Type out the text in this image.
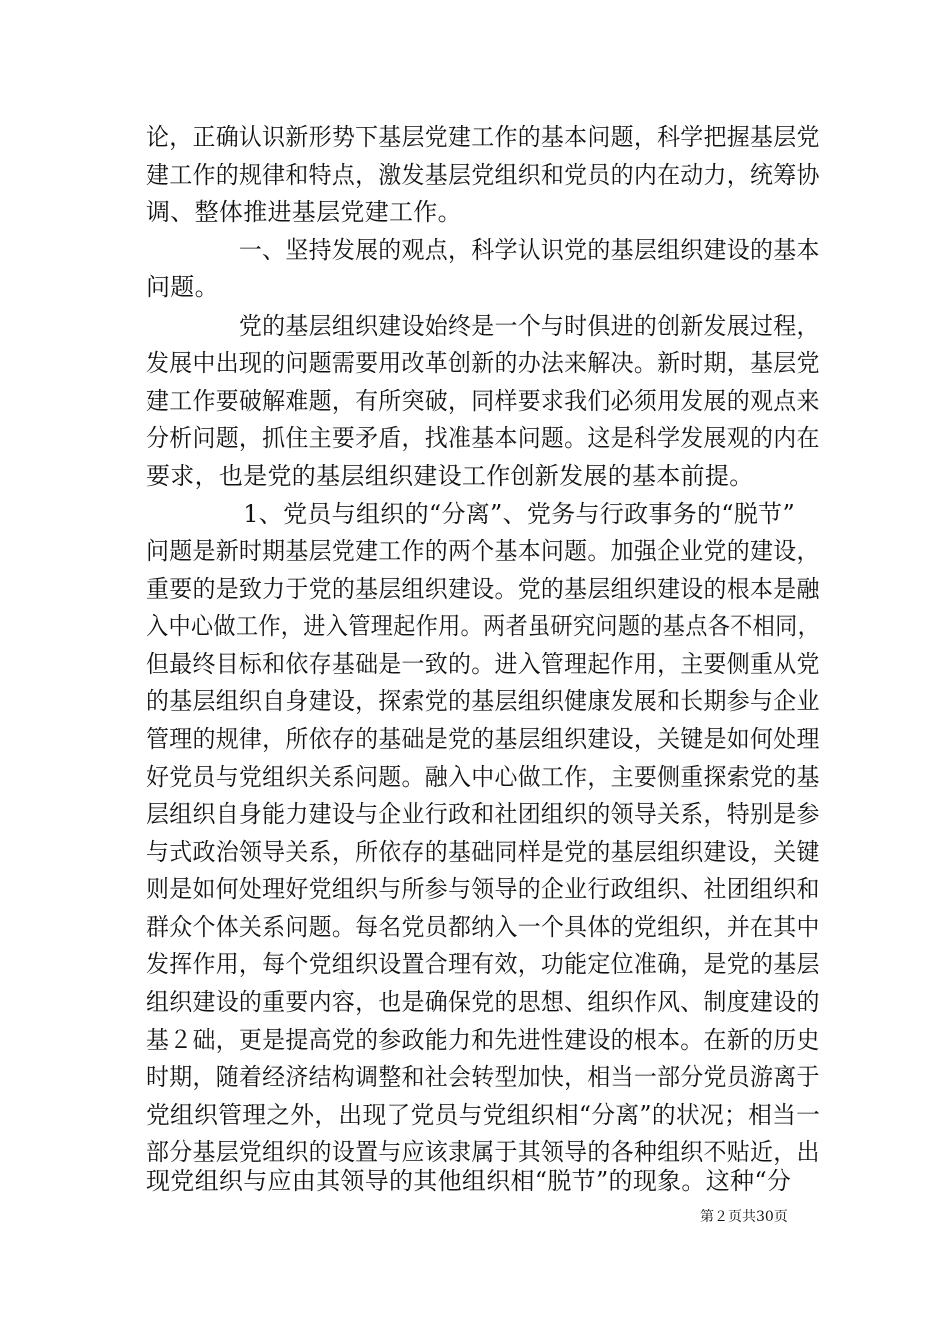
论，正确认识新形势下基层党建工作的基本问题，科学把握基层党
建工作的规律和特点，激发基层党组织和党员的内在动力，统筹协
调、整体推进基层党建工作。
　　　　一、坚持发展的观点，科学认识党的基层组织建设的基本
问题。
　　　　党的基层组织建设始终是一个与时俱进的创新发展过程，
发展中出现的问题需要用改革创新的办法来解决。新时期，基层党
建工作要破解难题，有所突破，同样要求我们必须用发展的观点来
分析问题，抓住主要矛盾，找准基本问题。这是科学发展观的内在
要求，也是党的基层组织建设工作创新发展的基本前提。
　　　　1、党员与组织的“分离”、党务与行政事务的“脱节”
问题是新时期基层党建工作的两个基本问题。加强企业党的建设，
重要的是致力于党的基层组织建设。党的基层组织建设的根本是融
入中心做工作，进入管理起作用。两者虽研究问题的基点各不相同，
但最终目标和依存基础是一致的。进入管理起作用，主要侧重从党
的基层组织自身建设，探索党的基层组织健康发展和长期参与企业
管理的规律，所依存的基础是党的基层组织建设，关键是如何处理
好党员与党组织关系问题。融入中心做工作，主要侧重探索党的基
层组织自身能力建设与企业行政和社团组织的领导关系，特别是参
与式政治领导关系，所依存的基础同样是党的基层组织建设，关键
则是如何处理好党组织与所参与领导的企业行政组织、社团组织和
群众个体关系问题。每名党员都纳入一个具体的党组织，并在其中
发挥作用，每个党组织设置合理有效，功能定位准确，是党的基层
组织建设的重要内容，也是确保党的思想、组织作风、制度建设的
基２础，更是提高党的参政能力和先进性建设的根本。在新的历史
时期，随着经济结构调整和社会转型加快，相当一部分党员游离于
党组织管理之外，出现了党员与党组织相“分离”的状况；相当一
部分基层党组织的设置与应该隶属于其领导的各种组织不贴近，出
现党组织与应由其领导的其他组织相“脱节”的现象。这种“分
第２页共30页
